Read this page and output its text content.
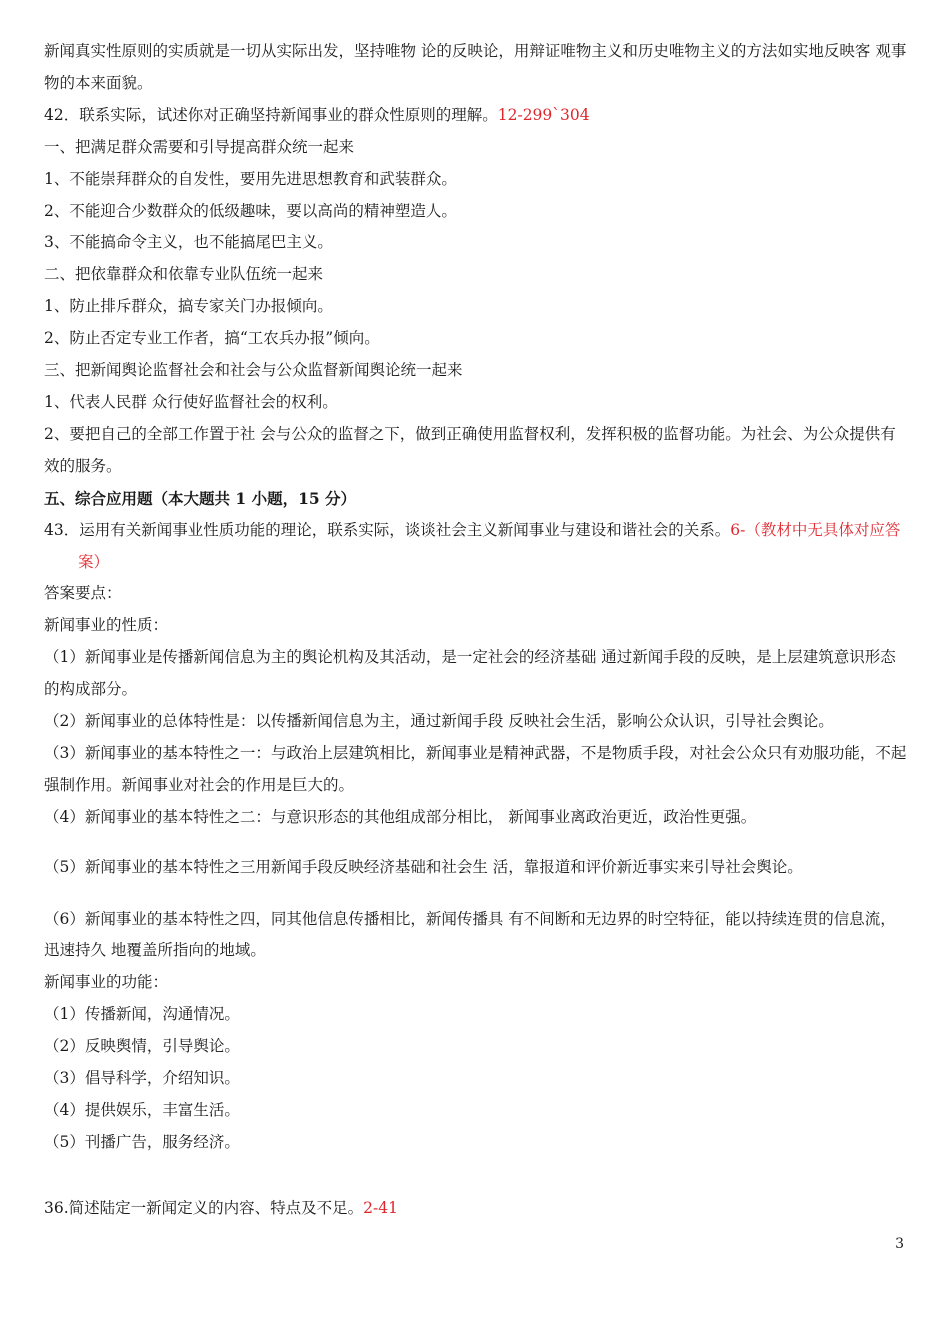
新闻真实性原则的实质就是一切从实际出发，坚持唯物 论的反映论，用辩证唯物主义和历史唯物主义的方法如实地反映客 观事物的本来面貌。
42．联系实际，试述你对正确坚持新闻事业的群众性原则的理解。12-299`304
一、把满足群众需要和引导提高群众统一起来
1、不能崇拜群众的自发性，要用先进思想教育和武装群众。
2、不能迎合少数群众的低级趣味，要以高尚的精神塑造人。
3、不能搞命令主义，也不能搞尾巴主义。
二、把依靠群众和依靠专业队伍统一起来
1、防止排斥群众，搞专家关门办报倾向。
2、防止否定专业工作者，搞“工农兵办报”倾向。
三、把新闻舆论监督社会和社会与公众监督新闻舆论统一起来
1、代表人民群 众行使好监督社会的权利。
2、要把自己的全部工作置于社 会与公众的监督之下，做到正确使用监督权利，发挥积极的监督功能。为社会、为公众提供有效的服务。
五、综合应用题（本大题共 1 小题，15 分）
43．运用有关新闻事业性质功能的理论，联系实际，谈谈社会主义新闻事业与建设和谐社会的关系。6-（教材中无具体对应答案）
答案要点：
新闻事业的性质：
（1）新闻事业是传播新闻信息为主的舆论机构及其活动，是一定社会的经济基础 通过新闻手段的反映，是上层建筑意识形态的构成部分。
（2）新闻事业的总体特性是：以传播新闻信息为主，通过新闻手段 反映社会生活，影响公众认识，引导社会舆论。
（3）新闻事业的基本特性之一：与政治上层建筑相比，新闻事业是精神武器，不是物质手段，对社会公众只有劝服功能，不起强制作用。新闻事业对社会的作用是巨大的。
（4）新闻事业的基本特性之二：与意识形态的其他组成部分相比， 新闻事业离政治更近，政治性更强。
（5）新闻事业的基本特性之三用新闻手段反映经济基础和社会生 活，靠报道和评价新近事实来引导社会舆论。
（6）新闻事业的基本特性之四，同其他信息传播相比，新闻传播具 有不间断和无边界的时空特征，能以持续连贯的信息流，迅速持久 地覆盖所指向的地域。
新闻事业的功能：
（1）传播新闻，沟通情况。
（2）反映舆情，引导舆论。
（3）倡导科学，介绍知识。
（4）提供娱乐，丰富生活。
（5）刊播广告，服务经济。
36.简述陆定一新闻定义的内容、特点及不足。2-41
3
